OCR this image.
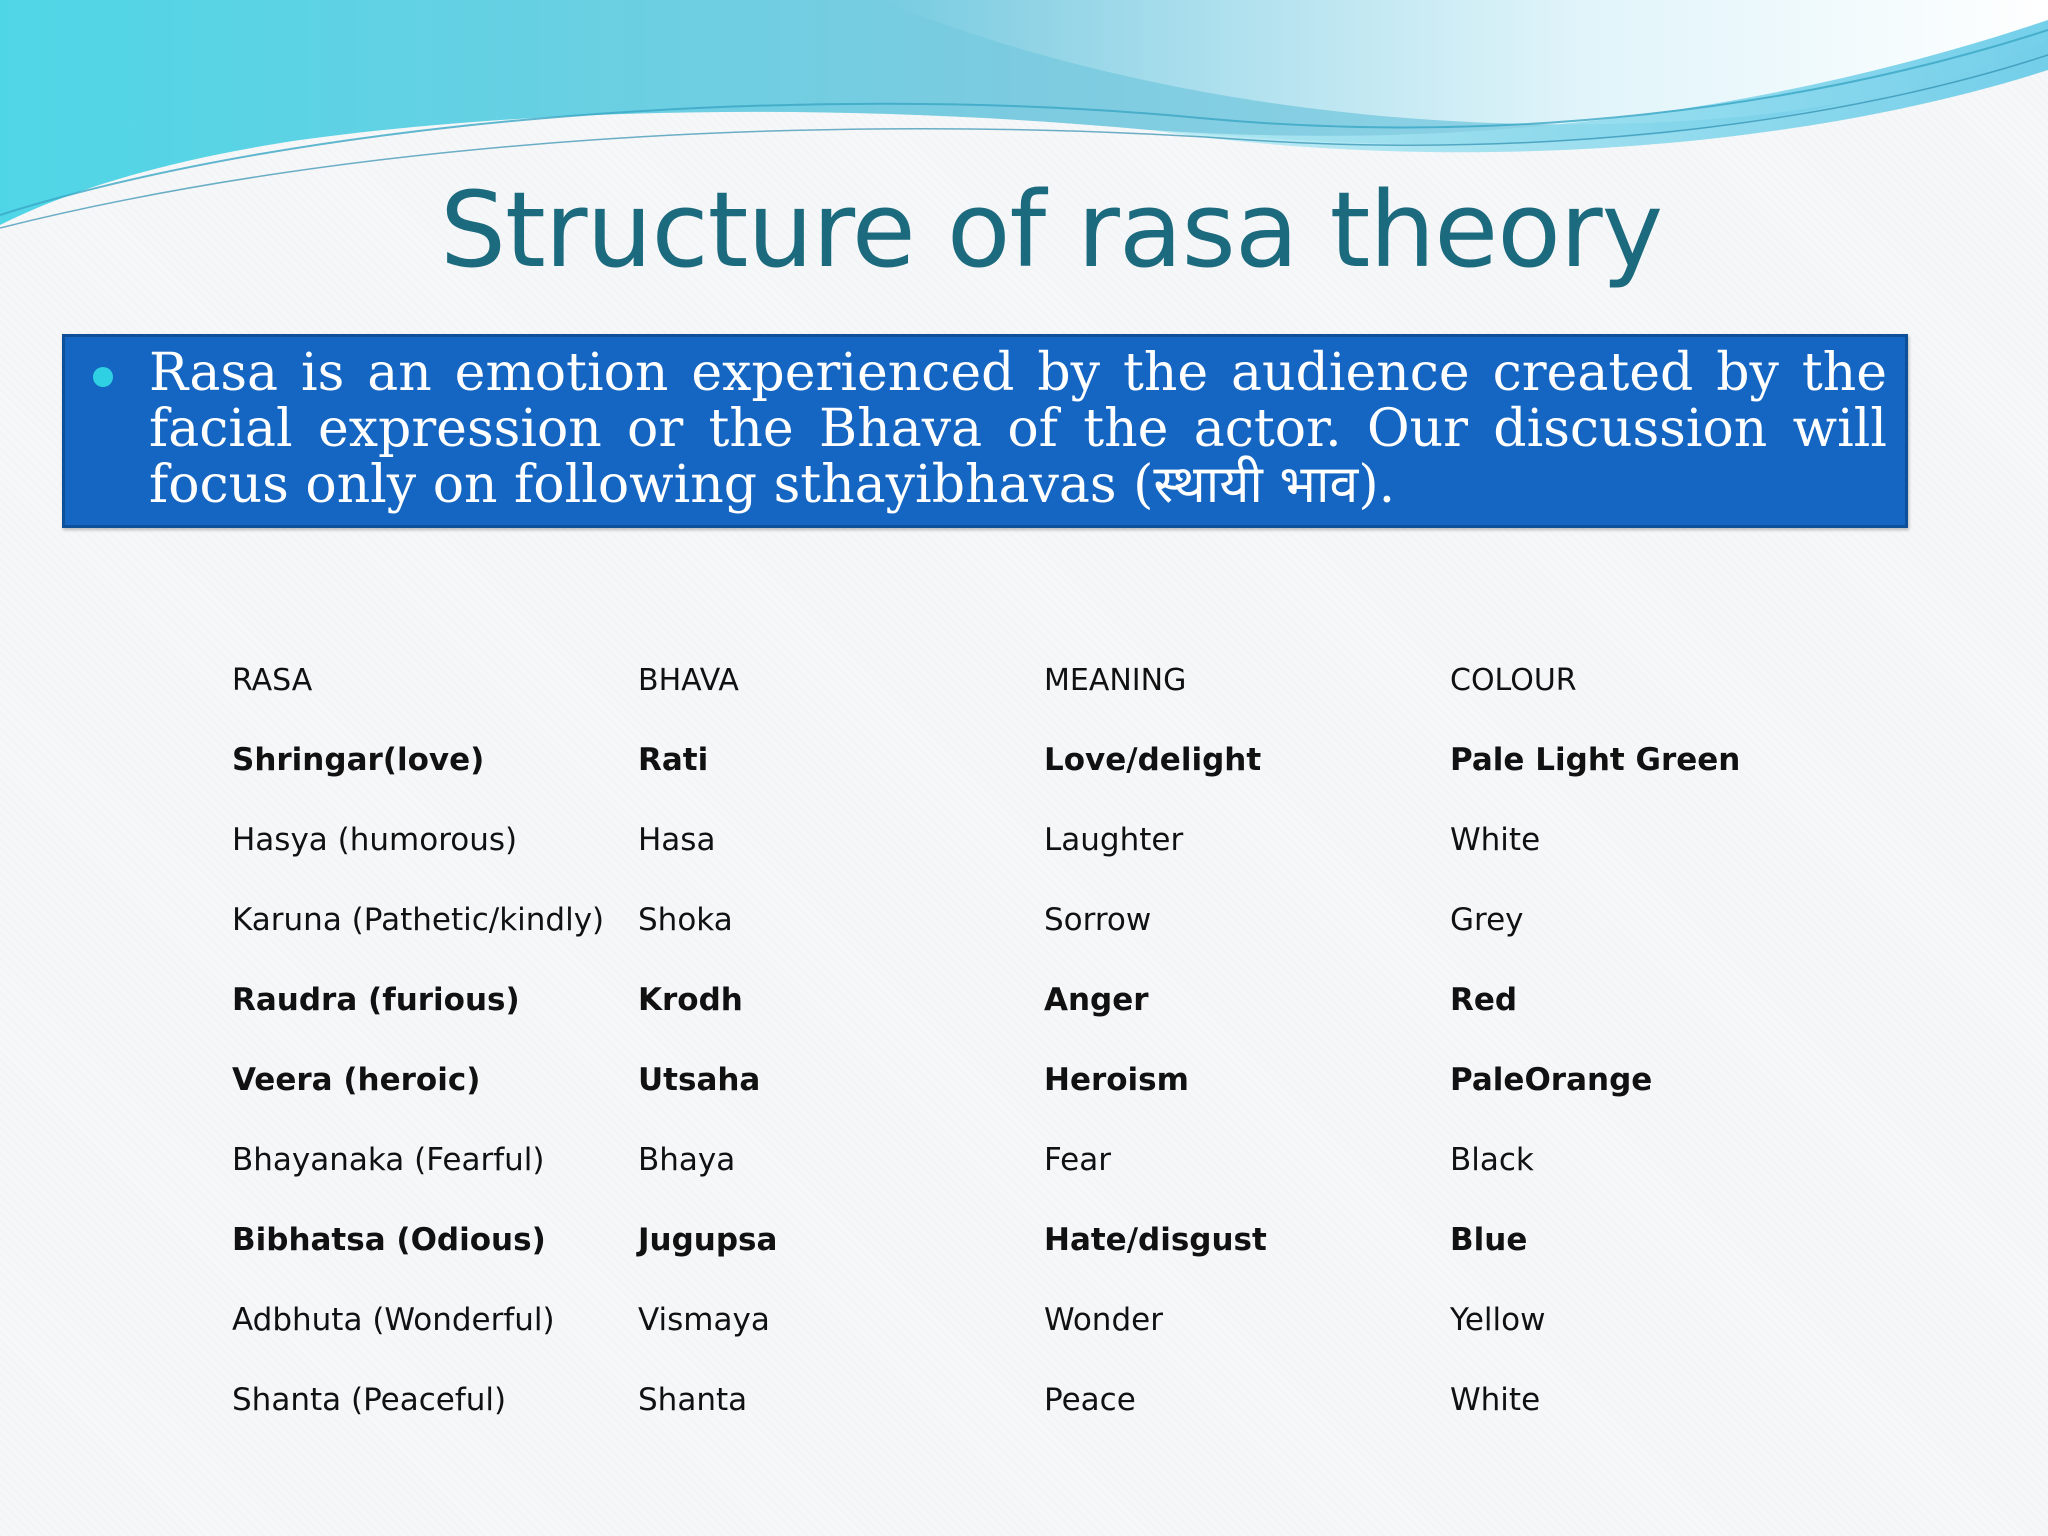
Structure of rasa theory
Rasa is an emotion experienced by the audience created by the facial expression or the Bhava of the actor. Our discussion will focus only on following sthayibhavas (स्थायी भाव).
RASA	BHAVA	MEANING	COLOUR
Shringar(love)	Rati	Love/delight	Pale Light Green
Hasya (humorous)	Hasa	Laughter	White
Karuna (Pathetic/kindly)	Shoka	Sorrow	Grey
Raudra (furious)	Krodh	Anger	Red
Veera (heroic)	Utsaha	Heroism	PaleOrange
Bhayanaka (Fearful)	Bhaya	Fear	Black
Bibhatsa (Odious)	Jugupsa	Hate/disgust	Blue
Adbhuta (Wonderful)	Vismaya	Wonder	Yellow
Shanta (Peaceful)	Shanta	Peace	White
